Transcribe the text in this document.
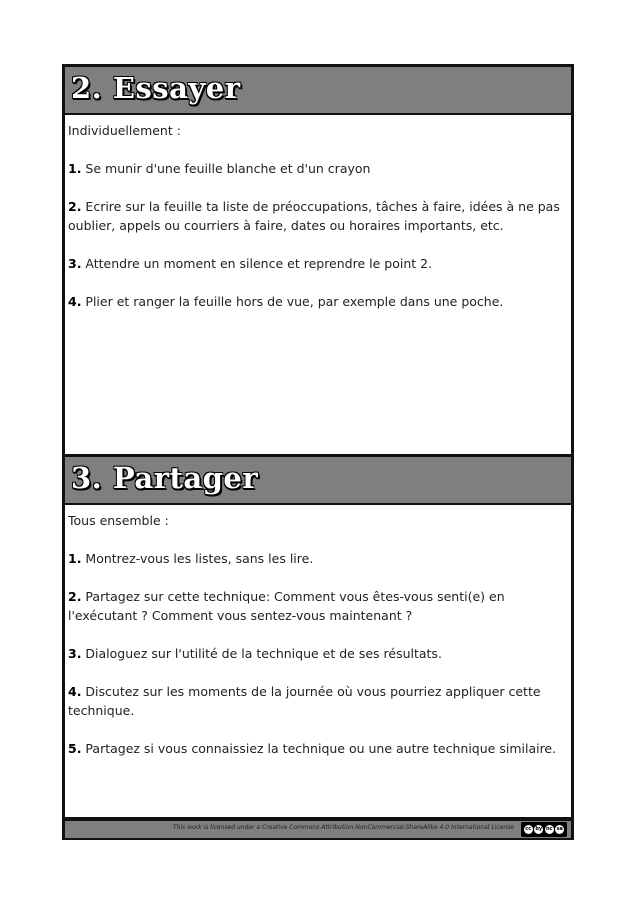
2. Essayer

Individuellement :

1. Se munir d'une feuille blanche et d'un crayon

2. Ecrire sur la feuille ta liste de préoccupations, tâches à faire, idées à ne pas oublier, appels ou courriers à faire, dates ou horaires importants, etc.

3. Attendre un moment en silence et reprendre le point 2.

4. Plier et ranger la feuille hors de vue, par exemple dans une poche.

3. Partager

Tous ensemble :

1. Montrez-vous les listes, sans les lire.

2. Partagez sur cette technique: Comment vous êtes-vous senti(e) en l'exécutant ? Comment vous sentez-vous maintenant ?

3. Dialoguez sur l'utilité de la technique et de ses résultats.

4. Discutez sur les moments de la journée où vous pourriez appliquer cette technique.

5. Partagez si vous connaissiez la technique ou une autre technique similaire.

This work is licensed under a Creative Commons Attribution-NonCommercial-ShareAlike 4.0 International License	cc by nc sa
